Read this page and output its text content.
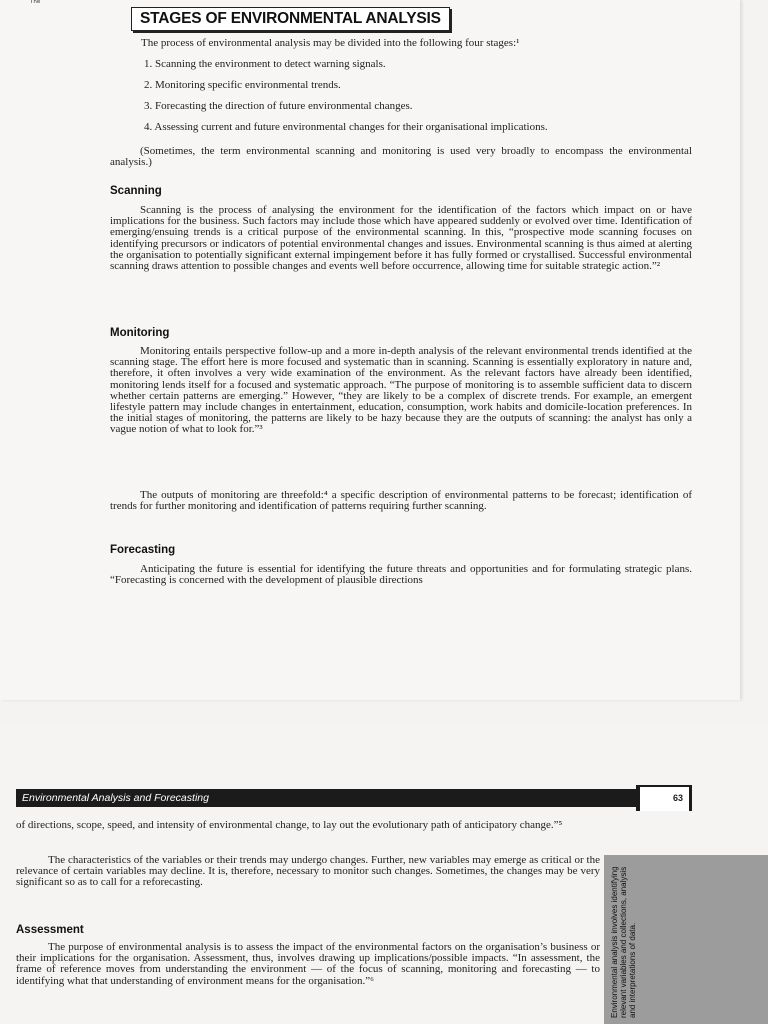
The
STAGES OF ENVIRONMENTAL ANALYSIS

The process of environmental analysis may be divided into the following four stages:¹

1. Scanning the environment to detect warning signals.
2. Monitoring specific environmental trends.
3. Forecasting the direction of future environmental changes.
4. Assessing current and future environmental changes for their organisational implications.

(Sometimes, the term environmental scanning and monitoring is used very broadly to encompass the environmental analysis.)

Scanning

Scanning is the process of analysing the environment for the identification of the factors which impact on or have implications for the business. Such factors may include those which have appeared suddenly or evolved over time. Identification of emerging/ensuing trends is a critical purpose of the environmental scanning. In this, “prospective mode scanning focuses on identifying precursors or indicators of potential environmental changes and issues. Environmental scanning is thus aimed at alerting the organisation to potentially significant external impingement before it has fully formed or crystallised. Successful environmental scanning draws attention to possible changes and events well before occurrence, allowing time for suitable strategic action.”²

Monitoring

Monitoring entails perspective follow-up and a more in-depth analysis of the relevant environmental trends identified at the scanning stage. The effort here is more focused and systematic than in scanning. Scanning is essentially exploratory in nature and, therefore, it often involves a very wide examination of the environment. As the relevant factors have already been identified, monitoring lends itself for a focused and systematic approach. “The purpose of monitoring is to assemble sufficient data to discern whether certain patterns are emerging.” However, “they are likely to be a complex of discrete trends. For example, an emergent lifestyle pattern may include changes in entertainment, education, consumption, work habits and domicile-location preferences. In the initial stages of monitoring, the patterns are likely to be hazy because they are the outputs of scanning: the analyst has only a vague notion of what to look for.”³

The outputs of monitoring are threefold:⁴ a specific description of environmental patterns to be forecast; identification of trends for further monitoring and identification of patterns requiring further scanning.

Forecasting

Anticipating the future is essential for identifying the future threats and opportunities and for formulating strategic plans. “Forecasting is concerned with the development of plausible directions

Environmental Analysis and Forecasting	63

of directions, scope, speed, and intensity of environmental change, to lay out the evolutionary path of anticipatory change.”⁵

The characteristics of the variables or their trends may undergo changes. Further, new variables may emerge as critical or the relevance of certain variables may decline. It is, therefore, necessary to monitor such changes. Sometimes, the changes may be very significant so as to call for a reforecasting.	Environmental analysis involves identifying relevant variables and collections, analysis and interpretations of data.
Assessment

The purpose of environmental analysis is to assess the impact of the environmental factors on the organisation’s business or their implications for the organisation. Assessment, thus, involves drawing up implications/possible impacts. “In assessment, the frame of reference moves from understanding the environment — of the focus of scanning, monitoring and forecasting — to identifying what that understanding of environment means for the organisation.”⁶
